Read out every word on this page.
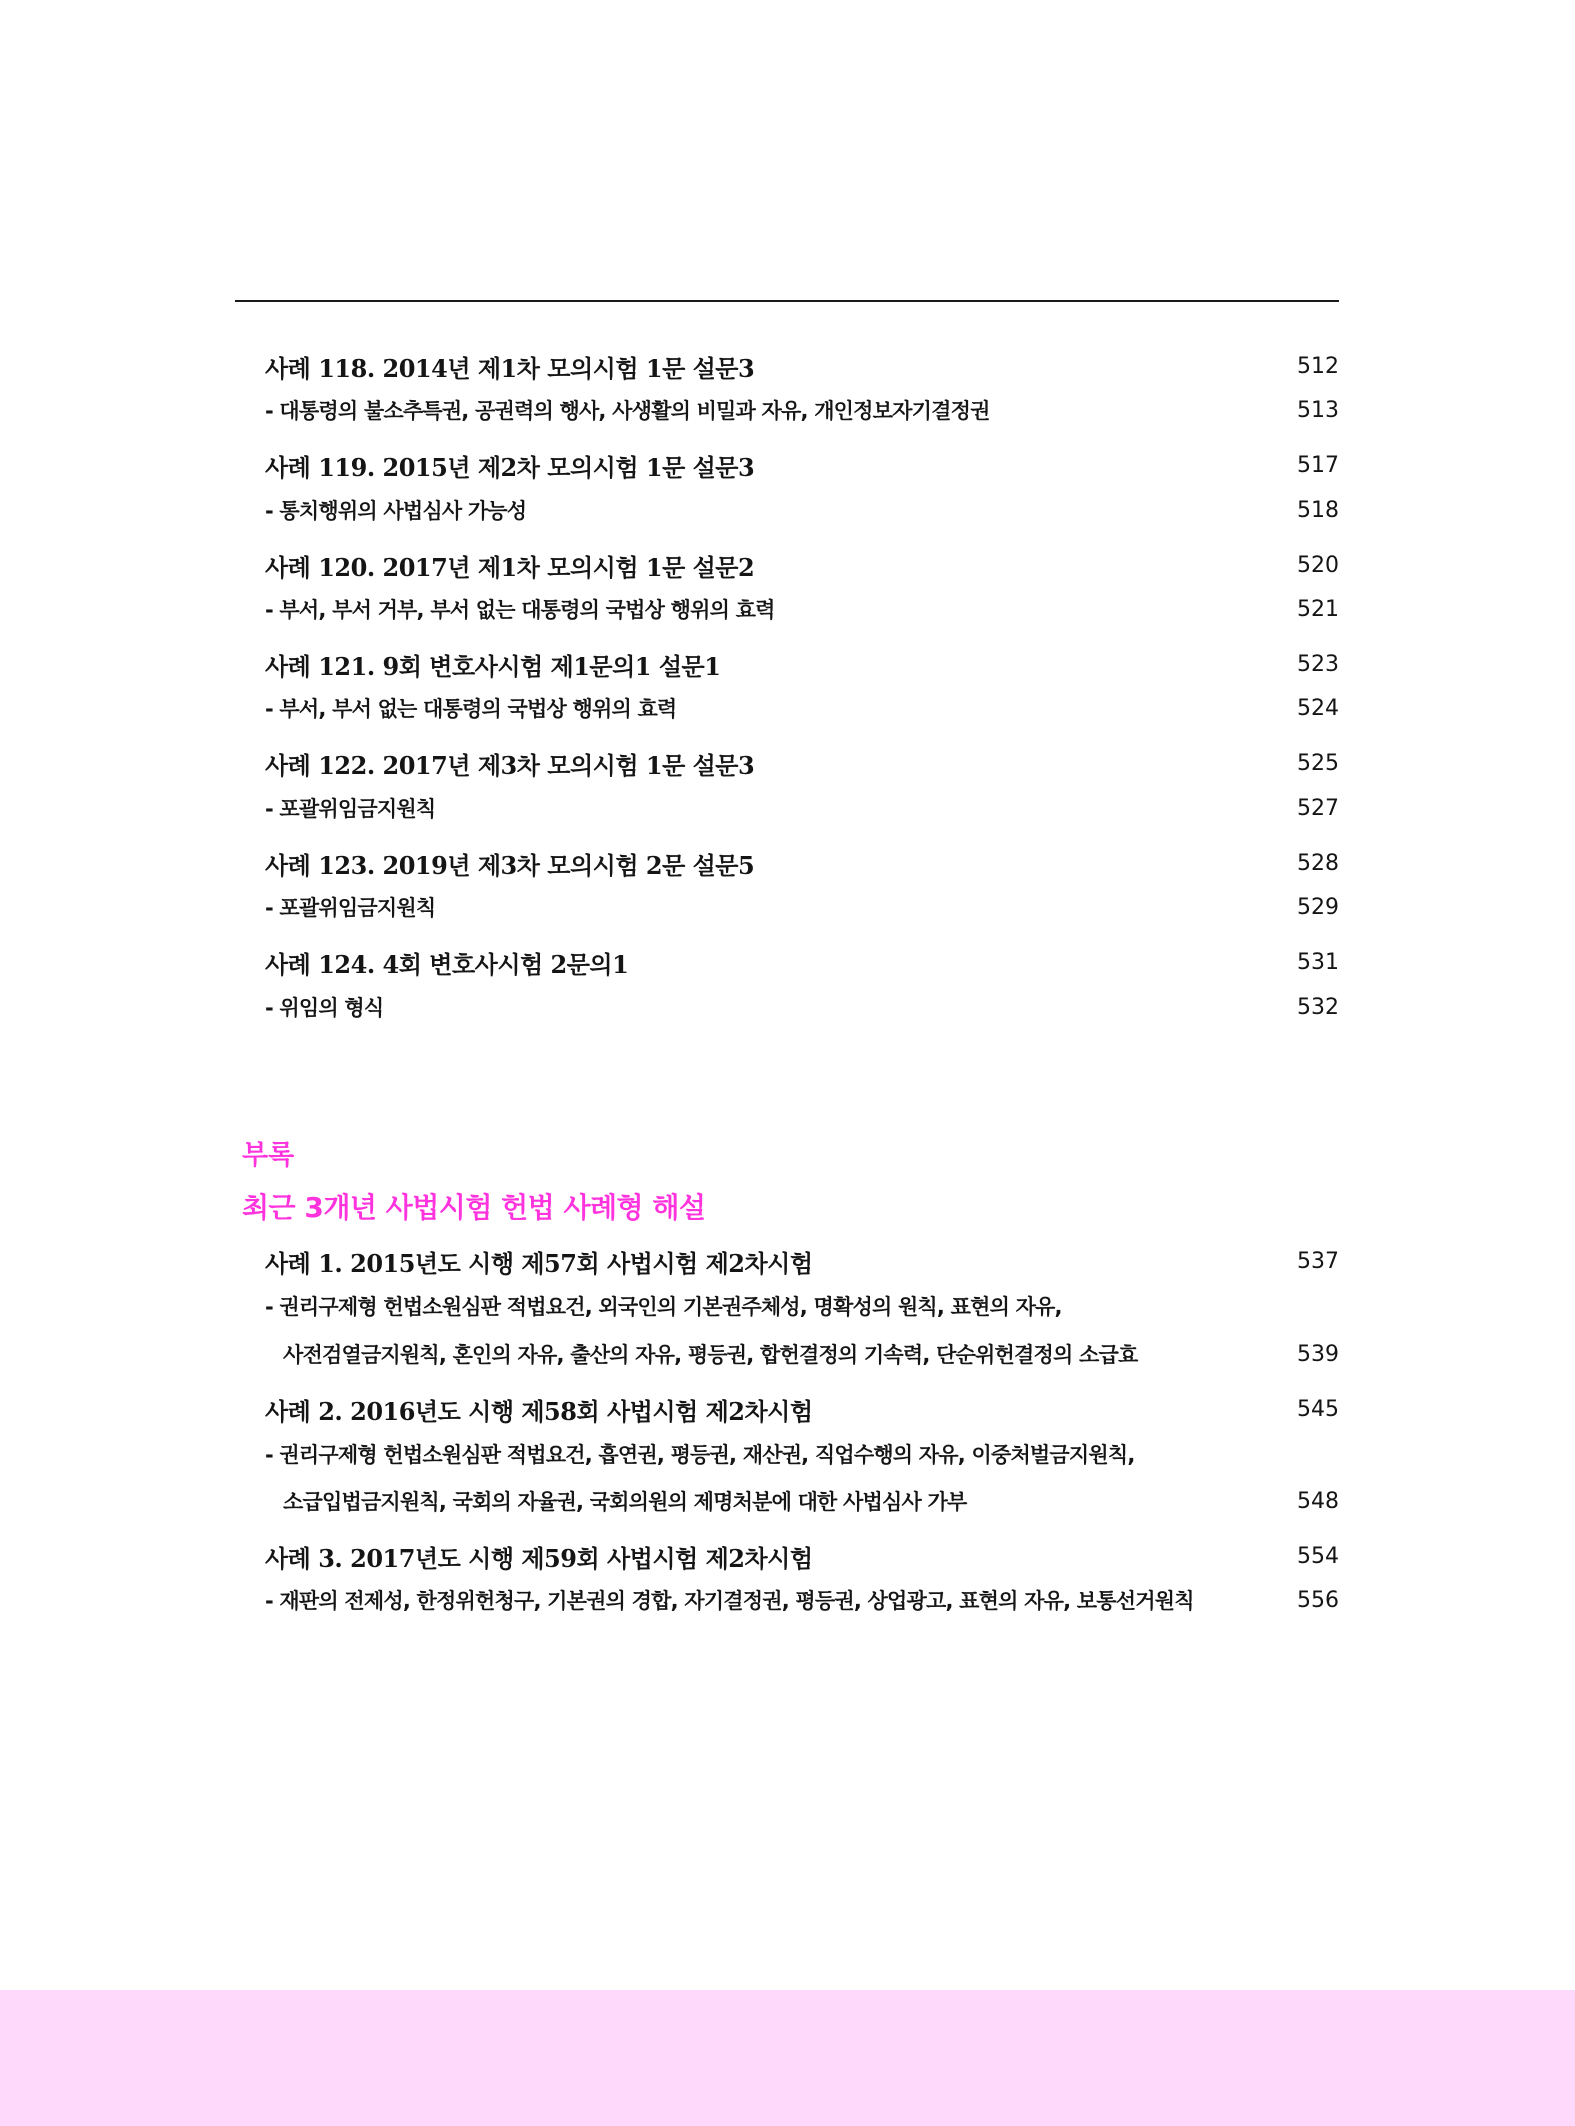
사례 118. 2014년 제1차 모의시험 1문 설문3	512
- 대통령의 불소추특권, 공권력의 행사, 사생활의 비밀과 자유, 개인정보자기결정권	513
사례 119. 2015년 제2차 모의시험 1문 설문3	517
- 통치행위의 사법심사 가능성	518
사례 120. 2017년 제1차 모의시험 1문 설문2	520
- 부서, 부서 거부, 부서 없는 대통령의 국법상 행위의 효력	521
사례 121. 9회 변호사시험 제1문의1 설문1	523
- 부서, 부서 없는 대통령의 국법상 행위의 효력	524
사례 122. 2017년 제3차 모의시험 1문 설문3	525
- 포괄위임금지원칙	527
사례 123. 2019년 제3차 모의시험 2문 설문5	528
- 포괄위임금지원칙	529
사례 124. 4회 변호사시험 2문의1	531
- 위임의 형식	532
부록
최근 3개년 사법시험 헌법 사례형 해설
사례 1. 2015년도 시행 제57회 사법시험 제2차시험	537
- 권리구제형 헌법소원심판 적법요건, 외국인의 기본권주체성, 명확성의 원칙, 표현의 자유,
사전검열금지원칙, 혼인의 자유, 출산의 자유, 평등권, 합헌결정의 기속력, 단순위헌결정의 소급효	539
사례 2. 2016년도 시행 제58회 사법시험 제2차시험	545
- 권리구제형 헌법소원심판 적법요건, 흡연권, 평등권, 재산권, 직업수행의 자유, 이중처벌금지원칙,
소급입법금지원칙, 국회의 자율권, 국회의원의 제명처분에 대한 사법심사 가부	548
사례 3. 2017년도 시행 제59회 사법시험 제2차시험	554
- 재판의 전제성, 한정위헌청구, 기본권의 경합, 자기결정권, 평등권, 상업광고, 표현의 자유, 보통선거원칙	556
